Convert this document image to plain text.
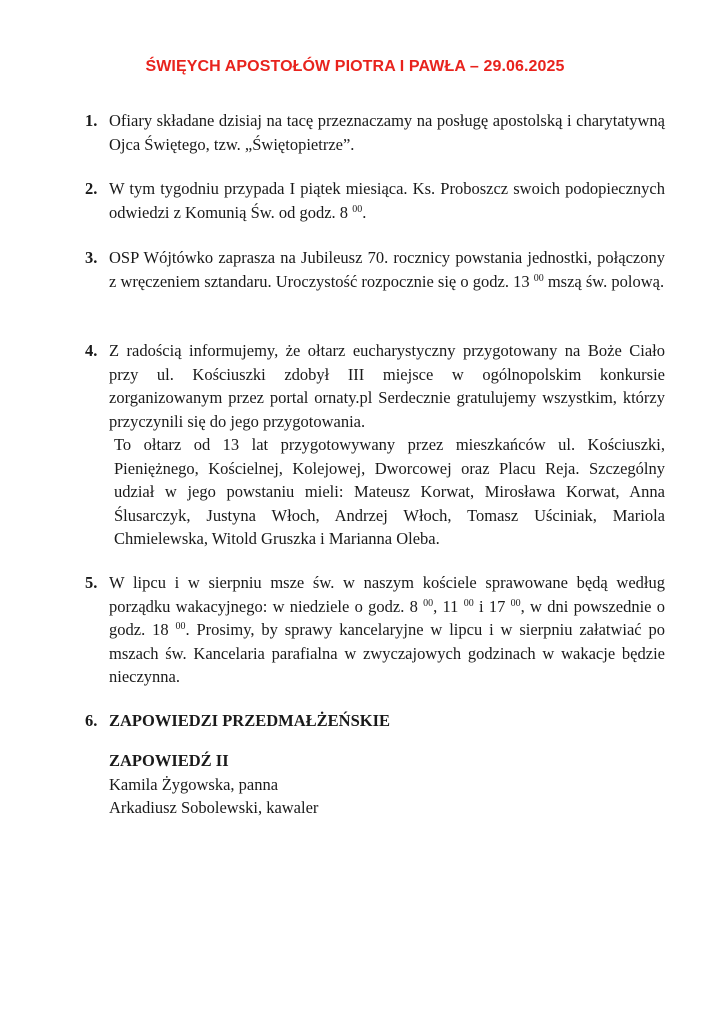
ŚWIĘYCH APOSTOŁÓW PIOTRA I PAWŁA – 29.06.2025
1. Ofiary składane dzisiaj na tacę przeznaczamy na posługę apostolską i charytatywną Ojca Świętego, tzw. „Świętopietrze”.

2. W tym tygodniu przypada I piątek miesiąca. Ks. Proboszcz swoich podopiecznych odwiedzi z Komunią Św. od godz. 8 $^{00}$.

3. OSP Wójtówko zaprasza na Jubileusz 70. rocznicy powstania jednostki, połączony z wręczeniem sztandaru. Uroczystość rozpocznie się o godz. 13 $^{00}$ mszą św. polową.

4. Z radością informujemy, że ołtarz eucharystyczny przygotowany na Boże Ciało przy ul. Kościuszki zdobył III miejsce w ogólnopolskim konkursie zorganizowanym przez portal ornaty.pl Serdecznie gratulujemy wszystkim, którzy przyczynili się do jego przygotowania.

To ołtarz od 13 lat przygotowywany przez mieszkańców ul. Kościuszki, Pieniężnego, Kościelnej, Kolejowej, Dworcowej oraz Placu Reja. Szczególny udział w jego powstaniu mieli: Mateusz Korwat, Mirosława Korwat, Anna Ślusarczyk, Justyna Włoch, Andrzej Włoch, Tomasz Uściniak, Mariola Chmielewska, Witold Gruszka i Marianna Oleba.

5. W lipcu i w sierpniu msze św. w naszym kościele sprawowane będą według porządku wakacyjnego: w niedziele o godz. 8 $^{00}$, 11 $^{00}$ i 17 $^{00}$, w dni powszednie o godz. 18 $^{00}$. Prosimy, by sprawy kancelaryjne w lipcu i w sierpniu załatwiać po mszach św. Kancelaria parafialna w zwyczajowych godzinach w wakacje będzie nieczynna.

6. ZAPOWIEDZI PRZEDMAŁŻEŃSKIE

ZAPOWIEDŹ II
Kamila Żygowska, panna
Arkadiusz Sobolewski, kawaler
